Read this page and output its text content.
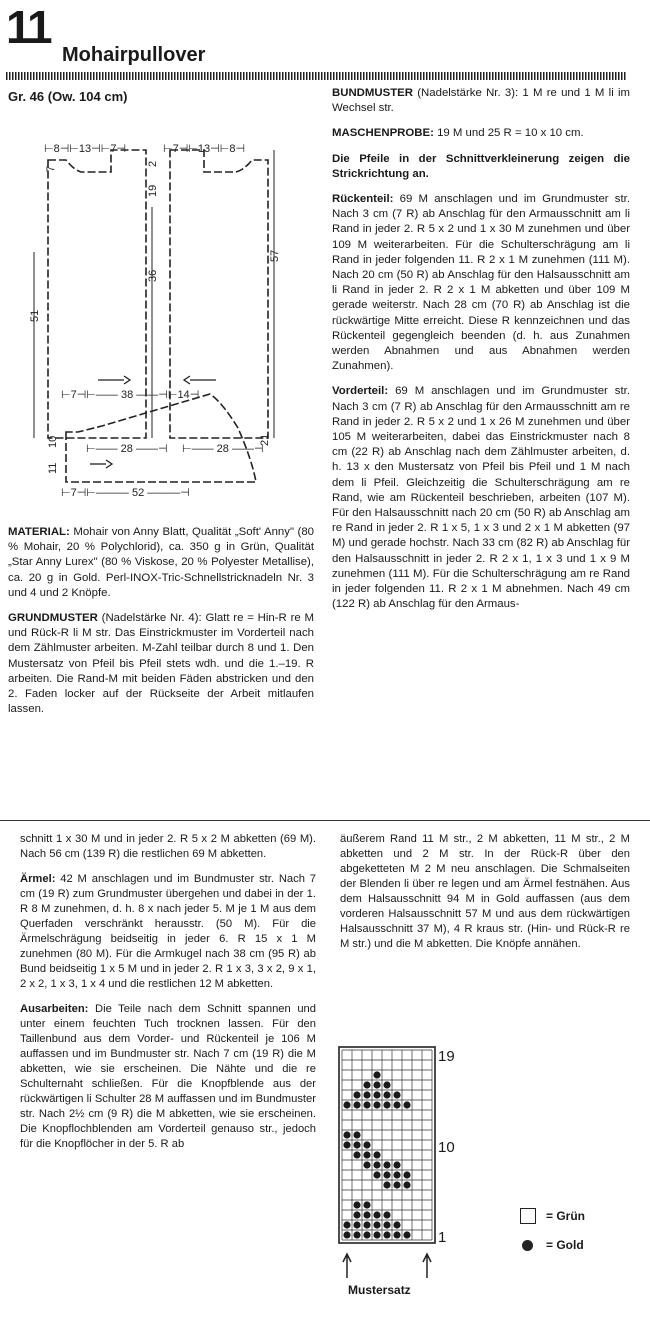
11
Mohairpullover
Gr. 46 (Ow. 104 cm)
⊢8⊣⊢13⊣⊢7⊣	⊢7⊣⊢13⊣⊢8⊣
⊢—— 28 ——⊣ ⊢—— 28 ——⊣
51
7
36
19
2
57
⊢7⊣⊢—— 38 ——⊣⊢14⊣
⊢7⊣⊢——— 52 ———⊣
10
11
21

MATERIAL: Mohair von Anny Blatt, Qualität „Soft' Anny" (80 % Mohair, 20 % Polychlorid), ca. 350 g in Grün, Qualität „Star Anny Lurex" (80 % Viskose, 20 % Polyester Metallise), ca. 20 g in Gold. Perl-INOX-Tric-Schnellstricknadeln Nr. 3 und 4 und 2 Knöpfe.

GRUNDMUSTER (Nadelstärke Nr. 4): Glatt re = Hin-R re M und Rück-R li M str. Das Einstrickmuster im Vorderteil nach dem Zählmuster arbeiten. M-Zahl teilbar durch 8 und 1. Den Mustersatz von Pfeil bis Pfeil stets wdh. und die 1.–19. R arbeiten. Die Rand-M mit beiden Fäden abstricken und den 2. Faden locker auf der Rückseite der Arbeit mitlaufen lassen.

BUNDMUSTER (Nadelstärke Nr. 3): 1 M re und 1 M li im Wechsel str.

MASCHENPROBE: 19 M und 25 R = 10 x 10 cm.

Die Pfeile in der Schnittverkleinerung zeigen die Strickrichtung an.

Rückenteil: 69 M anschlagen und im Grundmuster str. Nach 3 cm (7 R) ab Anschlag für den Armausschnitt am li Rand in jeder 2. R 5 x 2 und 1 x 30 M zunehmen und über 109 M weiterarbeiten. Für die Schulterschrägung am li Rand in jeder folgenden 11. R 2 x 1 M zunehmen (111 M). Nach 20 cm (50 R) ab Anschlag für den Halsausschnitt am li Rand in jeder 2. R 2 x 1 M abketten und über 109 M gerade weiterstr. Nach 28 cm (70 R) ab Anschlag ist die rückwärtige Mitte erreicht. Diese R kennzeichnen und das Rückenteil gegengleich beenden (d. h. aus Zunahmen werden Abnahmen und aus Abnahmen werden Zunahmen).

Vorderteil: 69 M anschlagen und im Grundmuster str. Nach 3 cm (7 R) ab Anschlag für den Armausschnitt am re Rand in jeder 2. R 5 x 2 und 1 x 26 M zunehmen und über 105 M weiterarbeiten, dabei das Einstrickmuster nach 8 cm (22 R) ab Anschlag nach dem Zählmuster arbeiten, d. h. 13 x den Mustersatz von Pfeil bis Pfeil und 1 M nach dem li Pfeil. Gleichzeitig die Schulterschrägung am re Rand, wie am Rückenteil beschrieben, arbeiten (107 M). Für den Halsausschnitt nach 20 cm (50 R) ab Anschlag am re Rand in jeder 2. R 1 x 5, 1 x 3 und 2 x 1 M abketten (97 M) und gerade hochstr. Nach 33 cm (82 R) ab Anschlag für den Halsausschnitt in jeder 2. R 2 x 1, 1 x 3 und 1 x 9 M zunehmen (111 M). Für die Schulterschrägung am re Rand in jeder folgenden 11. R 2 x 1 M abnehmen. Nach 49 cm (122 R) ab Anschlag für den Armaus-

schnitt 1 x 30 M und in jeder 2. R 5 x 2 M abketten (69 M). Nach 56 cm (139 R) die restlichen 69 M abketten.

Ärmel: 42 M anschlagen und im Bundmuster str. Nach 7 cm (19 R) zum Grundmuster übergehen und dabei in der 1. R 8 M zunehmen, d. h. 8 x nach jeder 5. M je 1 M aus dem Querfaden verschränkt herausstr. (50 M). Für die Ärmelschrägung beidseitig in jeder 6. R 15 x 1 M zunehmen (80 M). Für die Armkugel nach 38 cm (95 R) ab Bund beidseitig 1 x 5 M und in jeder 2. R 1 x 3, 3 x 2, 9 x 1, 2 x 2, 1 x 3, 1 x 4 und die restlichen 12 M abketten.

Ausarbeiten: Die Teile nach dem Schnitt spannen und unter einem feuchten Tuch trocknen lassen. Für den Taillenbund aus dem Vorder- und Rückenteil je 106 M auffassen und im Bundmuster str. Nach 7 cm (19 R) die M abketten, wie sie erscheinen. Die Nähte und die re Schulternaht schließen. Für die Knopfblende aus der rückwärtigen li Schulter 28 M auffassen und im Bundmuster str. Nach 2½ cm (9 R) die M abketten, wie sie erscheinen. Die Knopflochblenden am Vorderteil genauso str., jedoch für die Knopflöcher in der 5. R ab

äußerem Rand 11 M str., 2 M abketten, 11 M str., 2 M abketten und 2 M str. In der Rück-R über den abgeketteten M 2 M neu anschlagen. Die Schmalseiten der Blenden li über re legen und am Ärmel festnähen. Aus dem Halsausschnitt 94 M in Gold auffassen (aus dem vorderen Halsausschnitt 57 M und aus dem rückwärtigen Halsausschnitt 37 M), 4 R kraus str. (Hin- und Rück-R re M str.) und die M abketten. Die Knöpfe annähen.

19
10
1
Mustersatz
= Grün
= Gold
